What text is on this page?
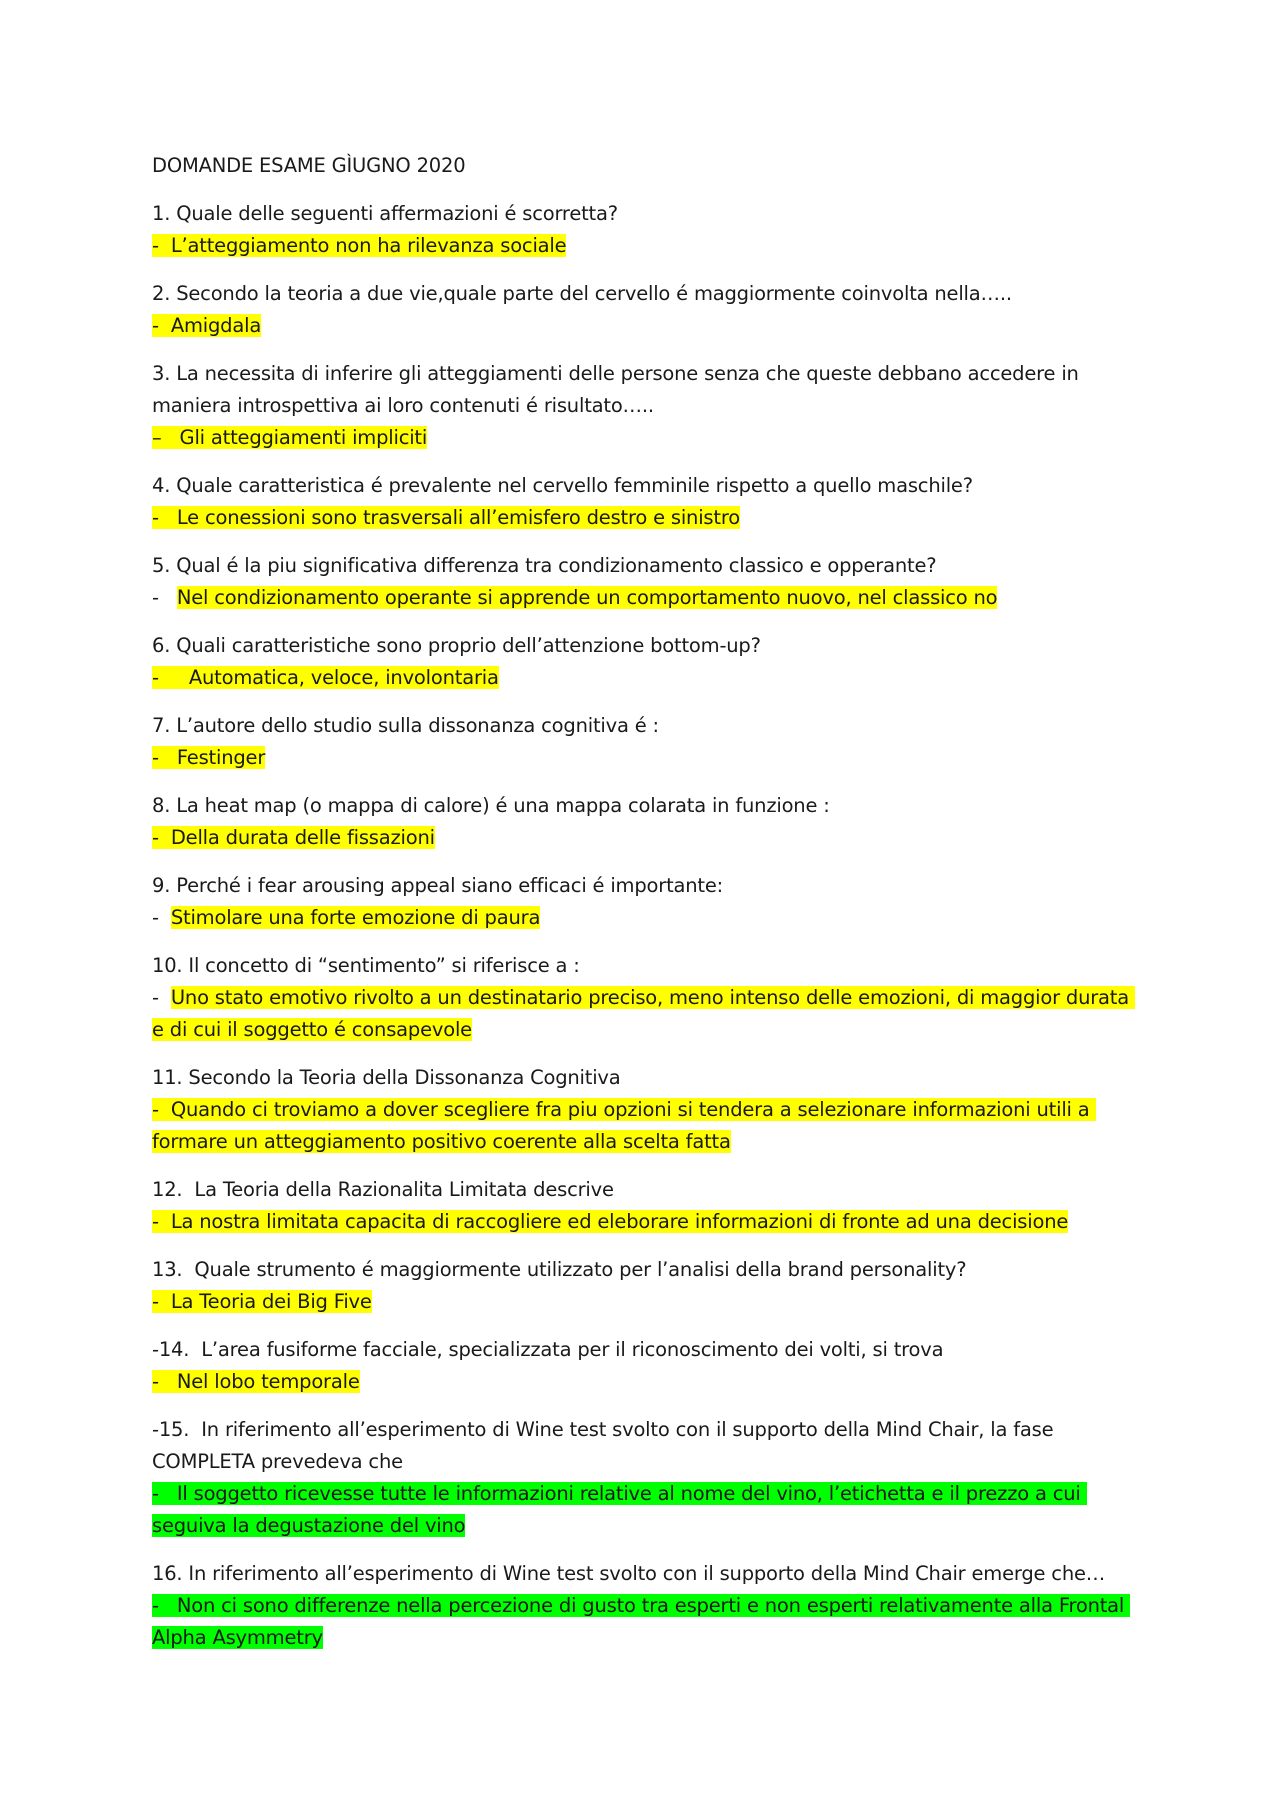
DOMANDE ESAME GÌUGNO 2020
1. Quale delle seguenti affermazioni é scorretta?
-  L’atteggiamento non ha rilevanza sociale
2. Secondo la teoria a due vie,quale parte del cervello é maggiormente coinvolta nella…..
-  Amigdala
3. La necessita di inferire gli atteggiamenti delle persone senza che queste debbano accedere in maniera introspettiva ai loro contenuti é risultato…..
–   Gli atteggiamenti impliciti
4. Quale caratteristica é prevalente nel cervello femminile rispetto a quello maschile?
-   Le conessioni sono trasversali all’emisfero destro e sinistro
5. Qual é la piu significativa differenza tra condizionamento classico e opperante?
-   Nel condizionamento operante si apprende un comportamento nuovo, nel classico no
6. Quali caratteristiche sono proprio dell’attenzione bottom-up?
-     Automatica, veloce, involontaria
7. L’autore dello studio sulla dissonanza cognitiva é :
-   Festinger
8. La heat map (o mappa di calore) é una mappa colarata in funzione :
-  Della durata delle fissazioni
9. Perché i fear arousing appeal siano efficaci é importante:
-  Stimolare una forte emozione di paura
10. Il concetto di “sentimento” si riferisce a :
-  Uno stato emotivo rivolto a un destinatario preciso, meno intenso delle emozioni, di maggior durata e di cui il soggetto é consapevole
11. Secondo la Teoria della Dissonanza Cognitiva
-  Quando ci troviamo a dover scegliere fra piu opzioni si tendera a selezionare informazioni utili a formare un atteggiamento positivo coerente alla scelta fatta
12.  La Teoria della Razionalita Limitata descrive
-  La nostra limitata capacita di raccogliere ed eleborare informazioni di fronte ad una decisione
13.  Quale strumento é maggiormente utilizzato per l’analisi della brand personality?
-  La Teoria dei Big Five
-14.  L’area fusiforme facciale, specializzata per il riconoscimento dei volti, si trova
-   Nel lobo temporale
-15.  In riferimento all’esperimento di Wine test svolto con il supporto della Mind Chair, la fase COMPLETA prevedeva che
-   Il soggetto ricevesse tutte le informazioni relative al nome del vino, l’etichetta e il prezzo a cui seguiva la degustazione del vino
16. In riferimento all’esperimento di Wine test svolto con il supporto della Mind Chair emerge che…
-   Non ci sono differenze nella percezione di gusto tra esperti e non esperti relativamente alla Frontal Alpha Asymmetry
